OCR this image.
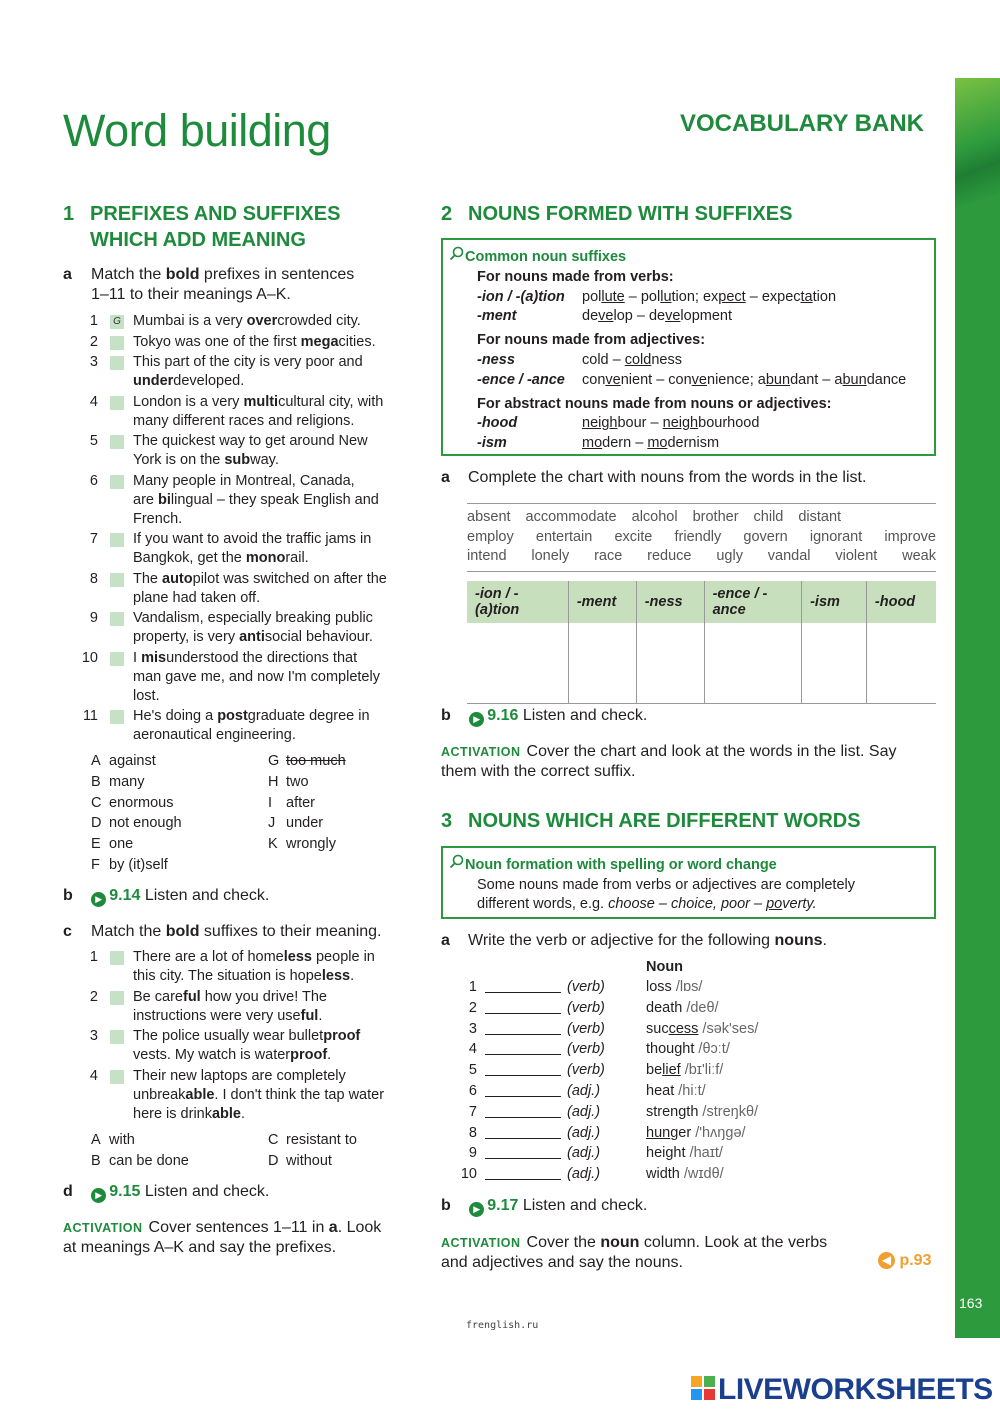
163
Word building	VOCABULARY BANK
1 PREFIXES AND SUFFIXES
WHICH ADD MEANING
a Match the bold prefixes in sentences
1–11 to their meanings A–K.
1	G Mumbai is a very overcrowded city.
2 Tokyo was one of the first megacities.
3 This part of the city is very poor and
underdeveloped.
4 London is a very multicultural city, with
many different races and religions.
5 The quickest way to get around New
York is on the subway.
6 Many people in Montreal, Canada,
are bilingual – they speak English and
French.
7 If you want to avoid the traffic jams in
Bangkok, get the monorail.
8 The autopilot was switched on after the
plane had taken off.
9 Vandalism, especially breaking public
property, is very antisocial behaviour.
10 I misunderstood the directions that
man gave me, and now I'm completely
lost.
11 He's doing a postgraduate degree in
aeronautical engineering.
A against
B many
C enormous
D not enough
E one
F by (it)self
G too much
H two
I after
J under
K wrongly
b ▶ 9.14 Listen and check.
c Match the bold suffixes to their meaning.
1 There are a lot of homeless people in
this city. The situation is hopeless.
2 Be careful how you drive! The
instructions were very useful.
3 The police usually wear bulletproof
vests. My watch is waterproof.
4 Their new laptops are completely
unbreakable. I don't think the tap water
here is drinkable.
A with
B can be done
C resistant to
D without
d ▶ 9.15 Listen and check.
ACTIVATION Cover sentences 1–11 in a. Look
at meanings A–K and say the prefixes.
2 NOUNS FORMED WITH SUFFIXES
Common noun suffixes
For nouns made from verbs:
-ion / -(a)tion pollute – pollution; expect – expectation
-ment	develop – development
For nouns made from adjectives:
-ness	cold – coldness
-ence / -ance convenient – convenience; abundant – abundance
For abstract nouns made from nouns or adjectives:
-hood	neighbour – neighbourhood
-ism	modern – modernism
a Complete the chart with nouns from the words in the list.
absent accommodate alcohol brother child distant
employ entertain excite friendly govern ignorant improve
intend lonely race reduce ugly vandal violent weak
-ion / -(a)tion	-ment	-ness	-ence / -ance	-ism	-hood

b ▶ 9.16 Listen and check.
ACTIVATION Cover the chart and look at the words in the list. Say
them with the correct suffix.
3 NOUNS WHICH ARE DIFFERENT WORDS
Noun formation with spelling or word change
Some nouns made from verbs or adjectives are completely
different words, e.g. choose – choice, poor – poverty.
a Write the verb or adjective for the following nouns.
Noun
1	(verb)	loss /lɒs/
2	(verb)	death /deθ/
3	(verb)	success /sək'ses/
4	(verb)	thought /θɔːt/
5	(verb)	belief /bɪ'liːf/
6	(adj.)	heat /hiːt/
7	(adj.)	strength /streŋkθ/
8	(adj.)	hunger /'hʌŋgə/
9	(adj.)	height /haɪt/
10	(adj.)	width /wɪdθ/
b ▶ 9.17 Listen and check.
ACTIVATION Cover the noun column. Look at the verbs
and adjectives and say the nouns.	◀ p.93
frenglish.ru
LIVEWORKSHEETS
